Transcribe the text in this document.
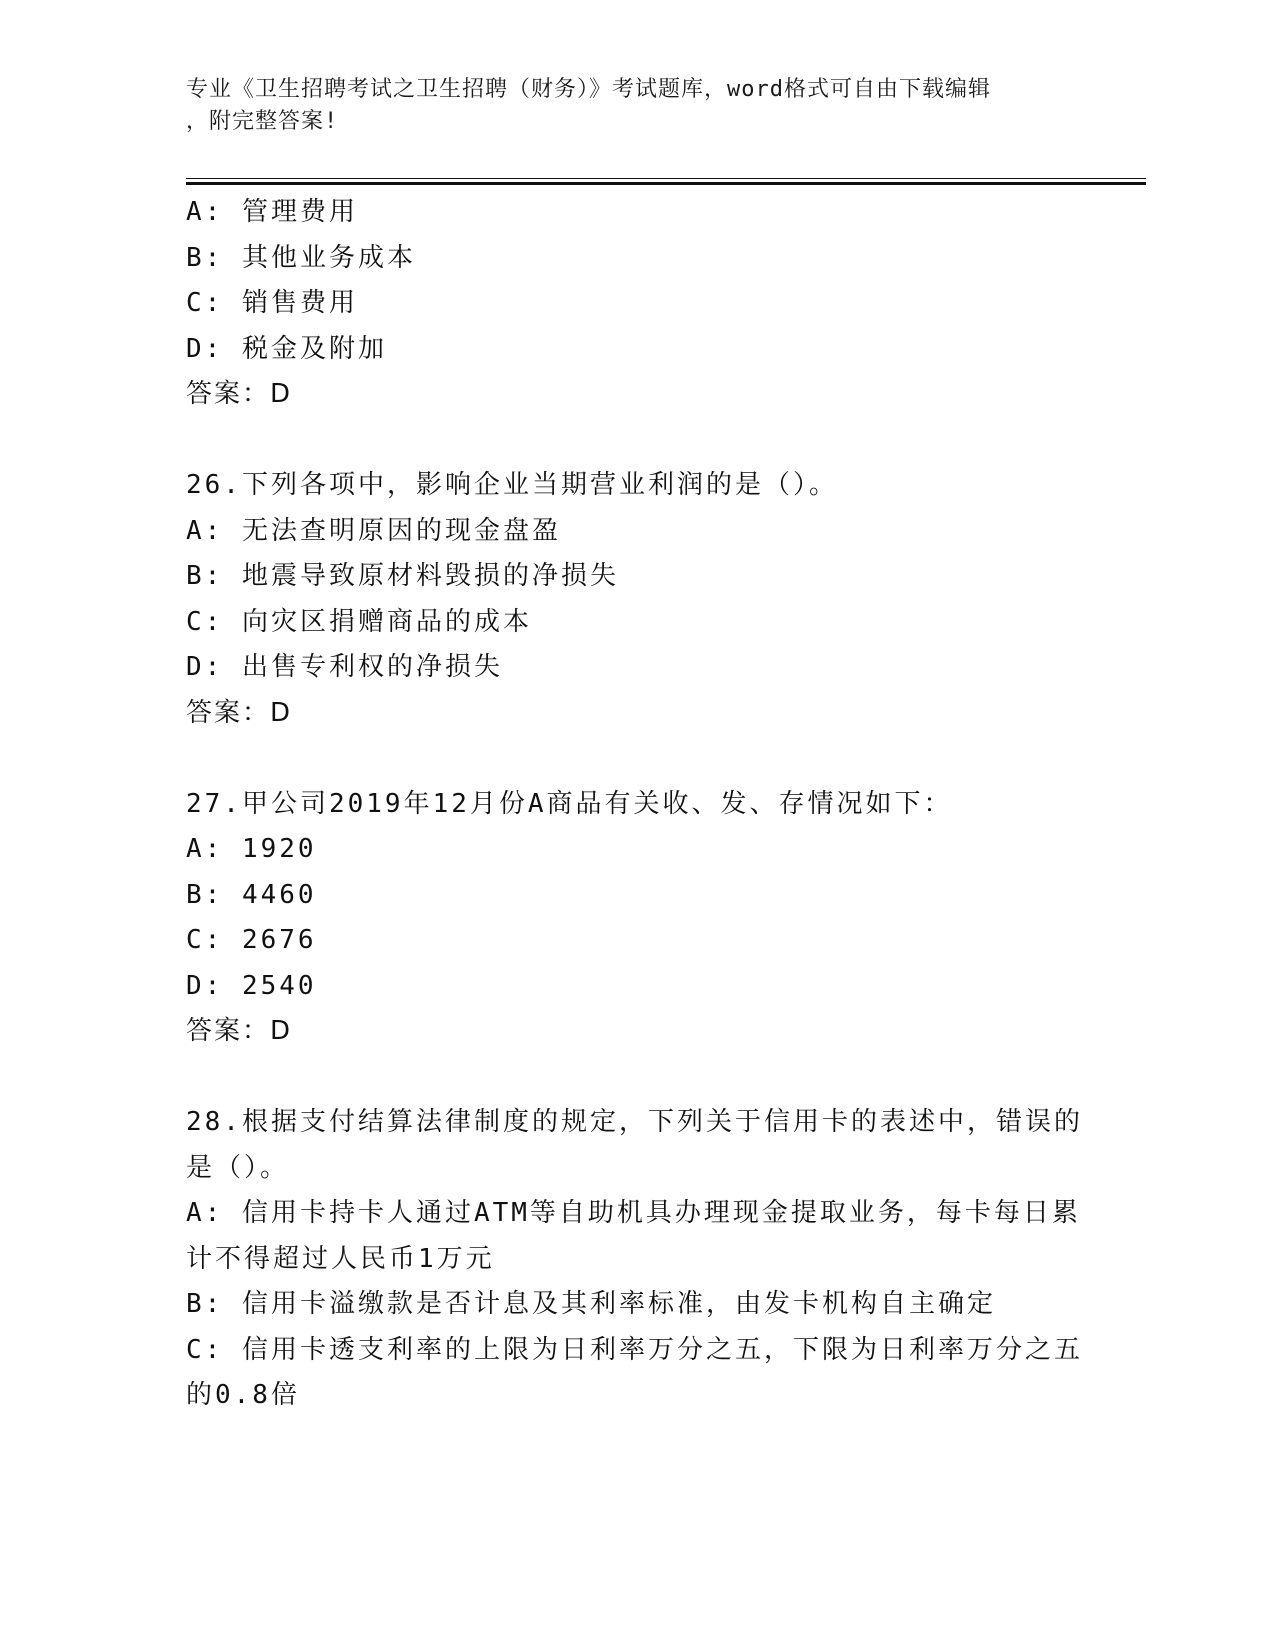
专业《卫生招聘考试之卫生招聘（财务）》考试题库，word格式可自由下载编辑
，附完整答案!
A: 管理费用
B: 其他业务成本
C: 销售费用
D: 税金及附加
答案：D
26.下列各项中，影响企业当期营业利润的是（）。
A: 无法查明原因的现金盘盈
B: 地震导致原材料毁损的净损失
C: 向灾区捐赠商品的成本
D: 出售专利权的净损失
答案：D
27.甲公司2019年12月份A商品有关收、发、存情况如下：
A: 1920
B: 4460
C: 2676
D: 2540
答案：D
28.根据支付结算法律制度的规定，下列关于信用卡的表述中，错误的
是（）。
A: 信用卡持卡人通过ATM等自助机具办理现金提取业务，每卡每日累
计不得超过人民币1万元
B: 信用卡溢缴款是否计息及其利率标准，由发卡机构自主确定
C: 信用卡透支利率的上限为日利率万分之五，下限为日利率万分之五
的0.8倍
